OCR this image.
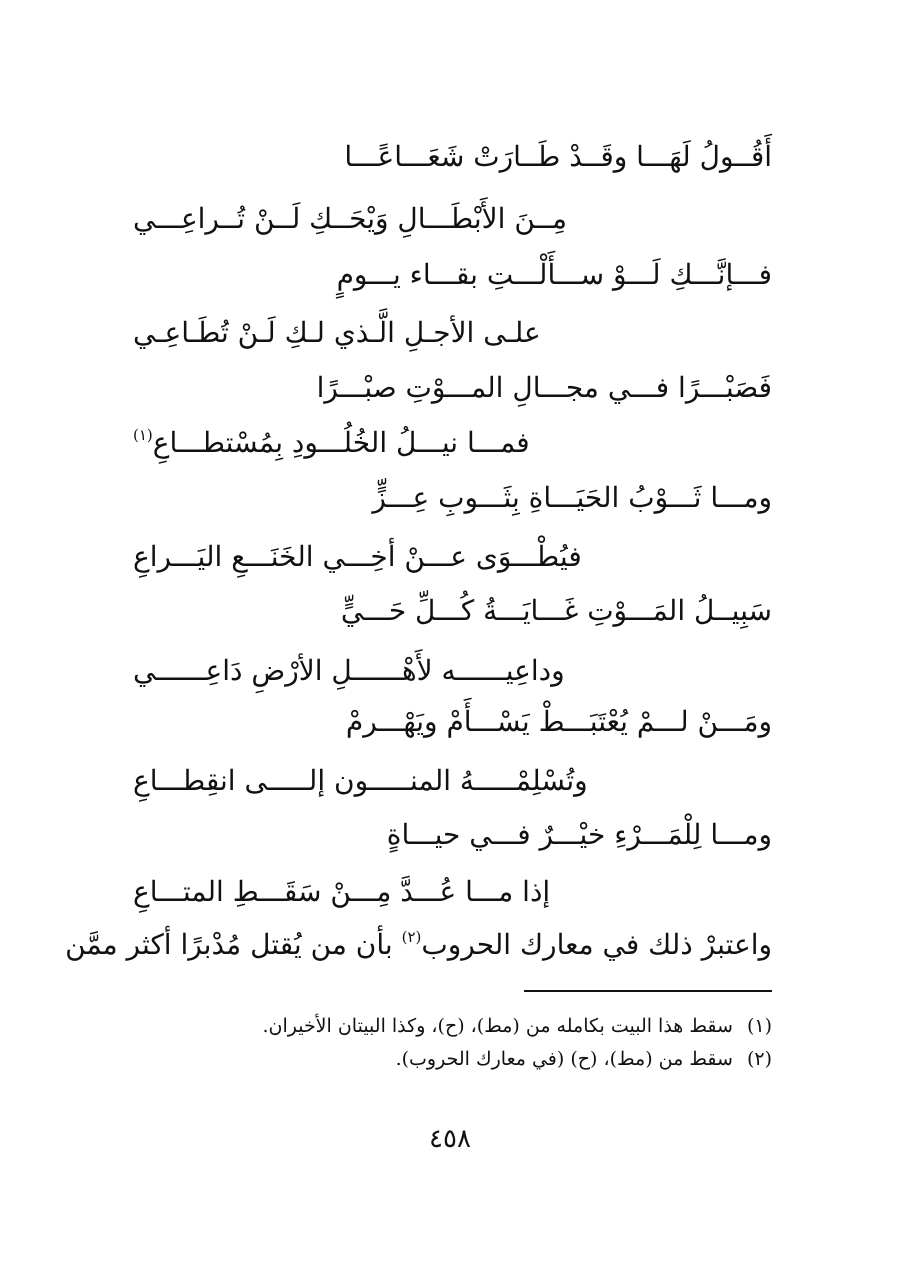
أَقُــولُ لَهَـــا وقَــدْ طَــارَتْ شَعَـــاعًـــا
مِــنَ الأَبْطَـــالِ وَيْحَــكِ لَــنْ تُــراعِـــي
فـــإنَّـــكِ لَـــوْ ســـأَلْـــتِ بقـــاء يـــومٍ
علـى الأجـلِ الَّـذي لـكِ لَـنْ تُطَـاعِـي
فَصَبْـــرًا فـــي مجـــالِ المـــوْتِ صبْـــرًا
فمـــا نيـــلُ الخُلُـــودِ بِمُسْتطـــاعِ$^{(١)}$
ومـــا ثَـــوْبُ الحَيَـــاةِ بِثَـــوبِ عِـــزٍّ
فيُطْـــوَى عـــنْ أخِـــي الخَنَـــعِ اليَـــراعِ
سَبِيــلُ المَـــوْتِ غَـــايَـــةُ كُـــلِّ حَـــيٍّ
وداعِيــــــه لأَهْــــــلِ الأرْضِ دَاعِــــــي
ومَـــنْ لـــمْ يُعْتَبَـــطْ يَسْـــأَمْ ويَهْـــرمْ
وتُسْلِمْـــــهُ المنـــــون إلـــــى انقِطـــاعِ
ومـــا لِلْمَـــرْءِ خيْـــرٌ فـــي حيـــاةٍ
إذا مـــا عُـــدَّ مِـــنْ سَقَـــطِ المتـــاعِ
واعتبرْ ذلك في معارك الحروب$^{(٢)}$ بأن من يُقتل مُدْبرًا أكثر ممَّن
(١)سقط هذا البيت بكامله من (مط)، (ح)، وكذا البيتان الأخيران.
(٢)سقط من (مط)، (ح) (في معارك الحروب).
٤٥٨
